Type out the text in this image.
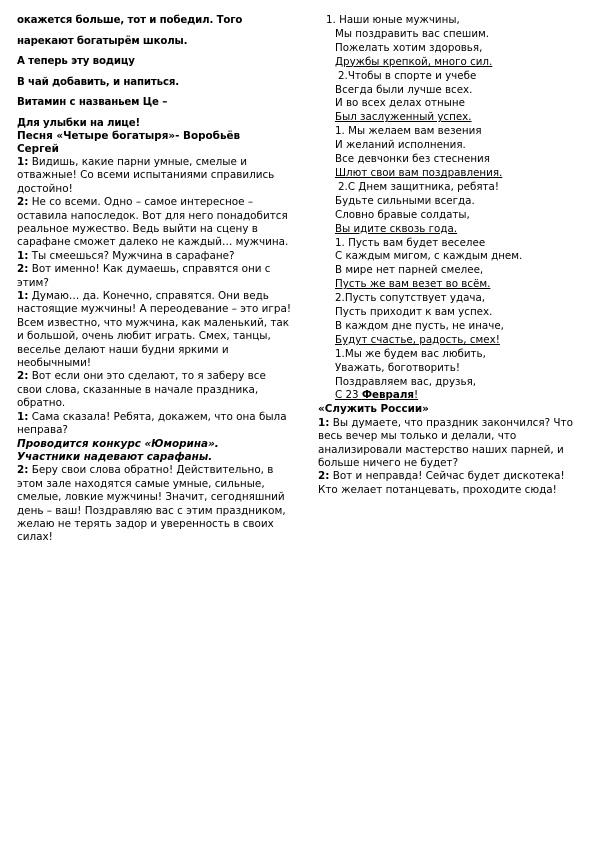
окажется больше, тот и победил. Того

нарекают богатырём школы.

А теперь эту водицу

В чай добавить, и напиться.

Витамин с названьем Це –

Для улыбки на лице!

Песня «Четыре богатыря»- Воробьёв

Сергей

1: Видишь, какие парни умные, смелые и отважные! Со всеми испытаниями справились достойно!

2: Не со всеми. Одно – самое интересное – оставила напоследок. Вот для него понадобится реальное мужество. Ведь выйти на сцену в сарафане сможет далеко не каждый… мужчина.

1: Ты смеешься? Мужчина в сарафане?

2: Вот именно! Как думаешь, справятся они с этим?

1: Думаю… да. Конечно, справятся. Они ведь настоящие мужчины! А переодевание – это игра! Всем известно, что мужчина, как маленький, так и большой, очень любит играть. Смех, танцы, веселье делают наши будни яркими и необычными!

2: Вот если они это сделают, то я заберу все свои слова, сказанные в начале праздника, обратно.

1: Сама сказала! Ребята, докажем, что она была неправа?

Проводится конкурс «Юморина».

Участники надевают сарафаны.

2: Беру свои слова обратно! Действительно, в этом зале находятся самые умные, сильные, смелые, ловкие мужчины! Значит, сегодняшний день – ваш! Поздравляю вас с этим праздником, желаю не терять задор и уверенность в своих силах!

1. Наши юные мужчины,

Мы поздравить вас спешим.

Пожелать хотим здоровья,

Дружбы крепкой, много сил.

2.Чтобы в спорте и учебе

Всегда были лучше всех.

И во всех делах отныне

Был заслуженный успех.

1. Мы желаем вам везения

И желаний исполнения.

Все девчонки без стеснения

Шлют свои вам поздравления.

2.С Днем защитника, ребята!

Будьте сильными всегда.

Словно бравые солдаты,

Вы идите сквозь года.

1. Пусть вам будет веселее

С каждым мигом, с каждым днем.

В мире нет парней смелее,

Пусть же вам везет во всём.

2.Пусть сопутствует удача,

Пусть приходит к вам успех.

В каждом дне пусть, не иначе,

Будут счастье, радость, смех!

1.Мы же будем вас любить,

Уважать, боготворить!

Поздравляем вас, друзья,

С 23 Февраля!

«Служить России»

1: Вы думаете, что праздник закончился? Что весь вечер мы только и делали, что анализировали мастерство наших парней, и больше ничего не будет?

2: Вот и неправда! Сейчас будет дискотека! Кто желает потанцевать, проходите сюда!
